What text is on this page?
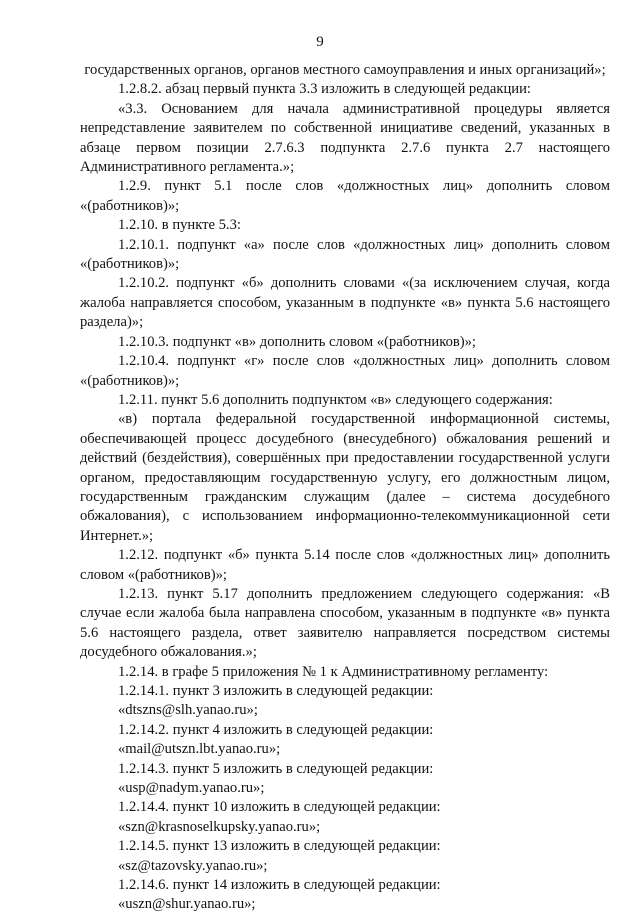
9

государственных органов, органов местного самоуправления и иных организаций»;

1.2.8.2. абзац первый пункта 3.3 изложить в следующей редакции:

«3.3. Основанием для начала административной процедуры является непредставление заявителем по собственной инициативе сведений, указанных в абзаце первом позиции 2.7.6.3 подпункта 2.7.6 пункта 2.7 настоящего Административного регламента.»;

1.2.9. пункт 5.1 после слов «должностных лиц» дополнить словом «(работников)»;

1.2.10. в пункте 5.3:

1.2.10.1. подпункт «а» после слов «должностных лиц» дополнить словом «(работников)»;

1.2.10.2. подпункт «б» дополнить словами «(за исключением случая, когда жалоба направляется способом, указанным в подпункте «в» пункта 5.6 настоящего раздела)»;

1.2.10.3. подпункт «в» дополнить словом «(работников)»;

1.2.10.4. подпункт «г» после слов «должностных лиц» дополнить словом «(работников)»;

1.2.11. пункт 5.6 дополнить подпунктом «в» следующего содержания:

«в) портала федеральной государственной информационной системы, обеспечивающей процесс досудебного (внесудебного) обжалования решений и действий (бездействия), совершённых при предоставлении государственной услуги органом, предоставляющим государственную услугу, его должностным лицом, государственным гражданским служащим (далее – система досудебного обжалования), с использованием информационно-телекоммуникационной сети Интернет.»;

1.2.12. подпункт «б» пункта 5.14 после слов «должностных лиц» дополнить словом «(работников)»;

1.2.13. пункт 5.17 дополнить предложением следующего содержания: «В случае если жалоба была направлена способом, указанным в подпункте «в» пункта 5.6 настоящего раздела, ответ заявителю направляется посредством системы досудебного обжалования.»;

1.2.14. в графе 5 приложения № 1 к Административному регламенту:

1.2.14.1. пункт 3 изложить в следующей редакции:

«dtszns@slh.yanao.ru»;

1.2.14.2. пункт 4 изложить в следующей редакции:

«mail@utszn.lbt.yanao.ru»;

1.2.14.3. пункт 5 изложить в следующей редакции:

«usp@nadym.yanao.ru»;

1.2.14.4. пункт 10 изложить в следующей редакции:

«szn@krasnoselkupsky.yanao.ru»;

1.2.14.5. пункт 13 изложить в следующей редакции:

«sz@tazovsky.yanao.ru»;

1.2.14.6. пункт 14 изложить в следующей редакции:

«uszn@shur.yanao.ru»;
